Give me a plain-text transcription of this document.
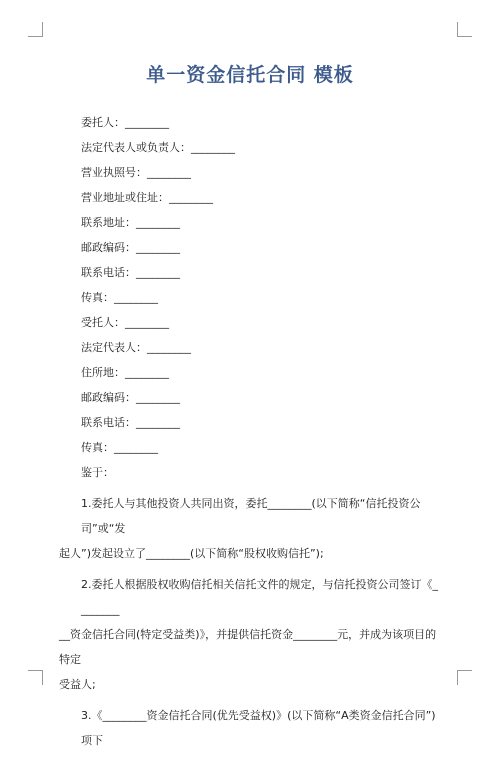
单一资金信托合同 模板
委托人：________
法定代表人或负责人：________
营业执照号：________
营业地址或住址：________
联系地址：________
邮政编码：________
联系电话：________
传真：________
受托人：________
法定代表人：________
住所地：________
邮政编码：________
联系电话：________
传真：________
鉴于：
1.委托人与其他投资人共同出资，委托________(以下简称“信托投资公司”或“发
起人”)发起设立了________(以下简称“股权收购信托”);
2.委托人根据股权收购信托相关信托文件的规定，与信托投资公司签订《________
__资金信托合同(特定受益类)》，并提供信托资金________元，并成为该项目的特定
受益人;
3.《________资金信托合同(优先受益权)》(以下简称“A类资金信托合同”)项下
